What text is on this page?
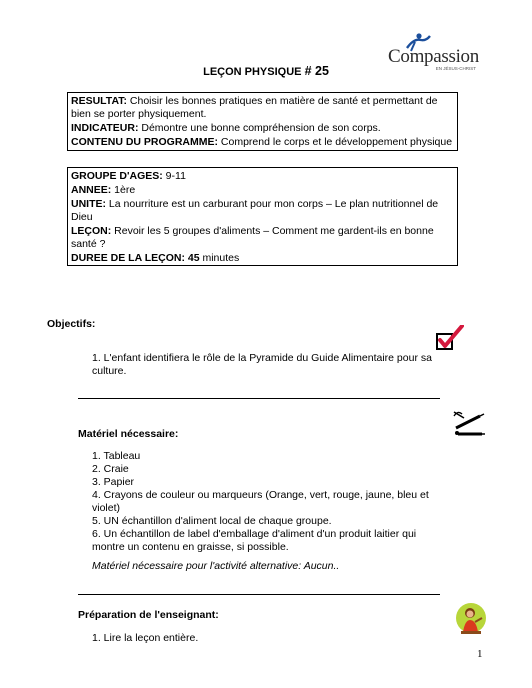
Compassion
EN JÉSUS-CHRIST
LEÇON PHYSIQUE # 25

RESULTAT: Choisir les bonnes pratiques en matière de santé et permettant de bien se porter physiquement.

INDICATEUR: Démontre une bonne compréhension de son corps.

CONTENU DU PROGRAMME: Comprend le corps et le développement physique

GROUPE D'AGES: 9-11

ANNEE: 1ère

UNITE: La nourriture est un carburant pour mon corps – Le plan nutritionnel de Dieu

LEÇON: Revoir les 5 groupes d'aliments – Comment me gardent-ils en bonne santé ?

DUREE DE LA LEÇON: 45 minutes

Objectifs:
1. L'enfant identifiera le rôle de la Pyramide du Guide Alimentaire pour sa culture.
Matériel nécessaire:
1. Tableau
2. Craie
3. Papier
4. Crayons de couleur ou marqueurs (Orange, vert, rouge, jaune, bleu et violet)
5. UN échantillon d'aliment local de chaque groupe.
6. Un échantillon de label d'emballage d'aliment d'un produit laitier qui montre un contenu en graisse, si possible.
Matériel nécessaire pour l'activité alternative: Aucun..
Préparation de l'enseignant:
1. Lire la leçon entière.
1
